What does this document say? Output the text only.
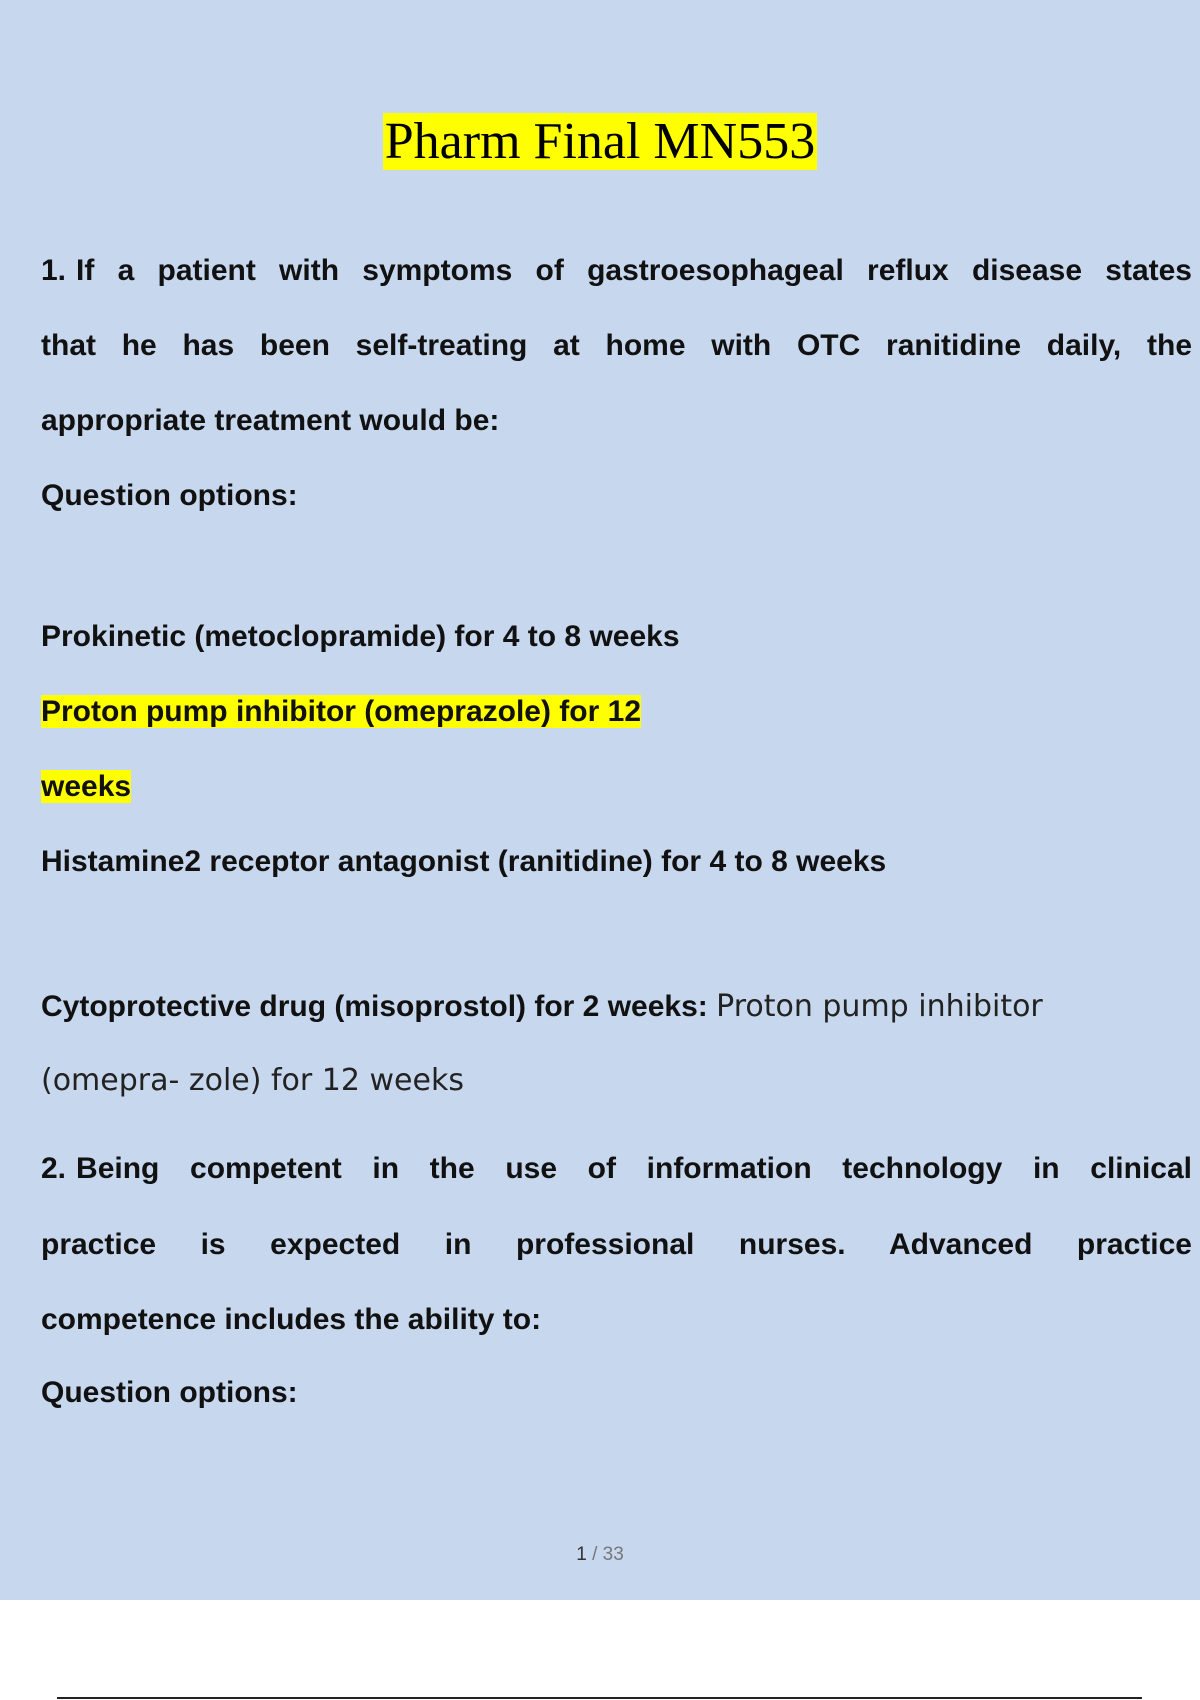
Pharm Final MN553
1. If a patient with symptoms of gastroesophageal reflux disease states
that he has been self-treating at home with OTC ranitidine daily, the
appropriate treatment would be:
Question options:
Prokinetic (metoclopramide) for 4 to 8 weeks
Proton pump inhibitor (omeprazole) for 12
weeks
Histamine2 receptor antagonist (ranitidine) for 4 to 8 weeks
Cytoprotective drug (misoprostol) for 2 weeks: Proton pump inhibitor
(omepra- zole) for 12 weeks
2. Being competent in the use of information technology in clinical
practice is expected in professional nurses. Advanced practice
competence includes the ability to:
Question options:
1 / 33
